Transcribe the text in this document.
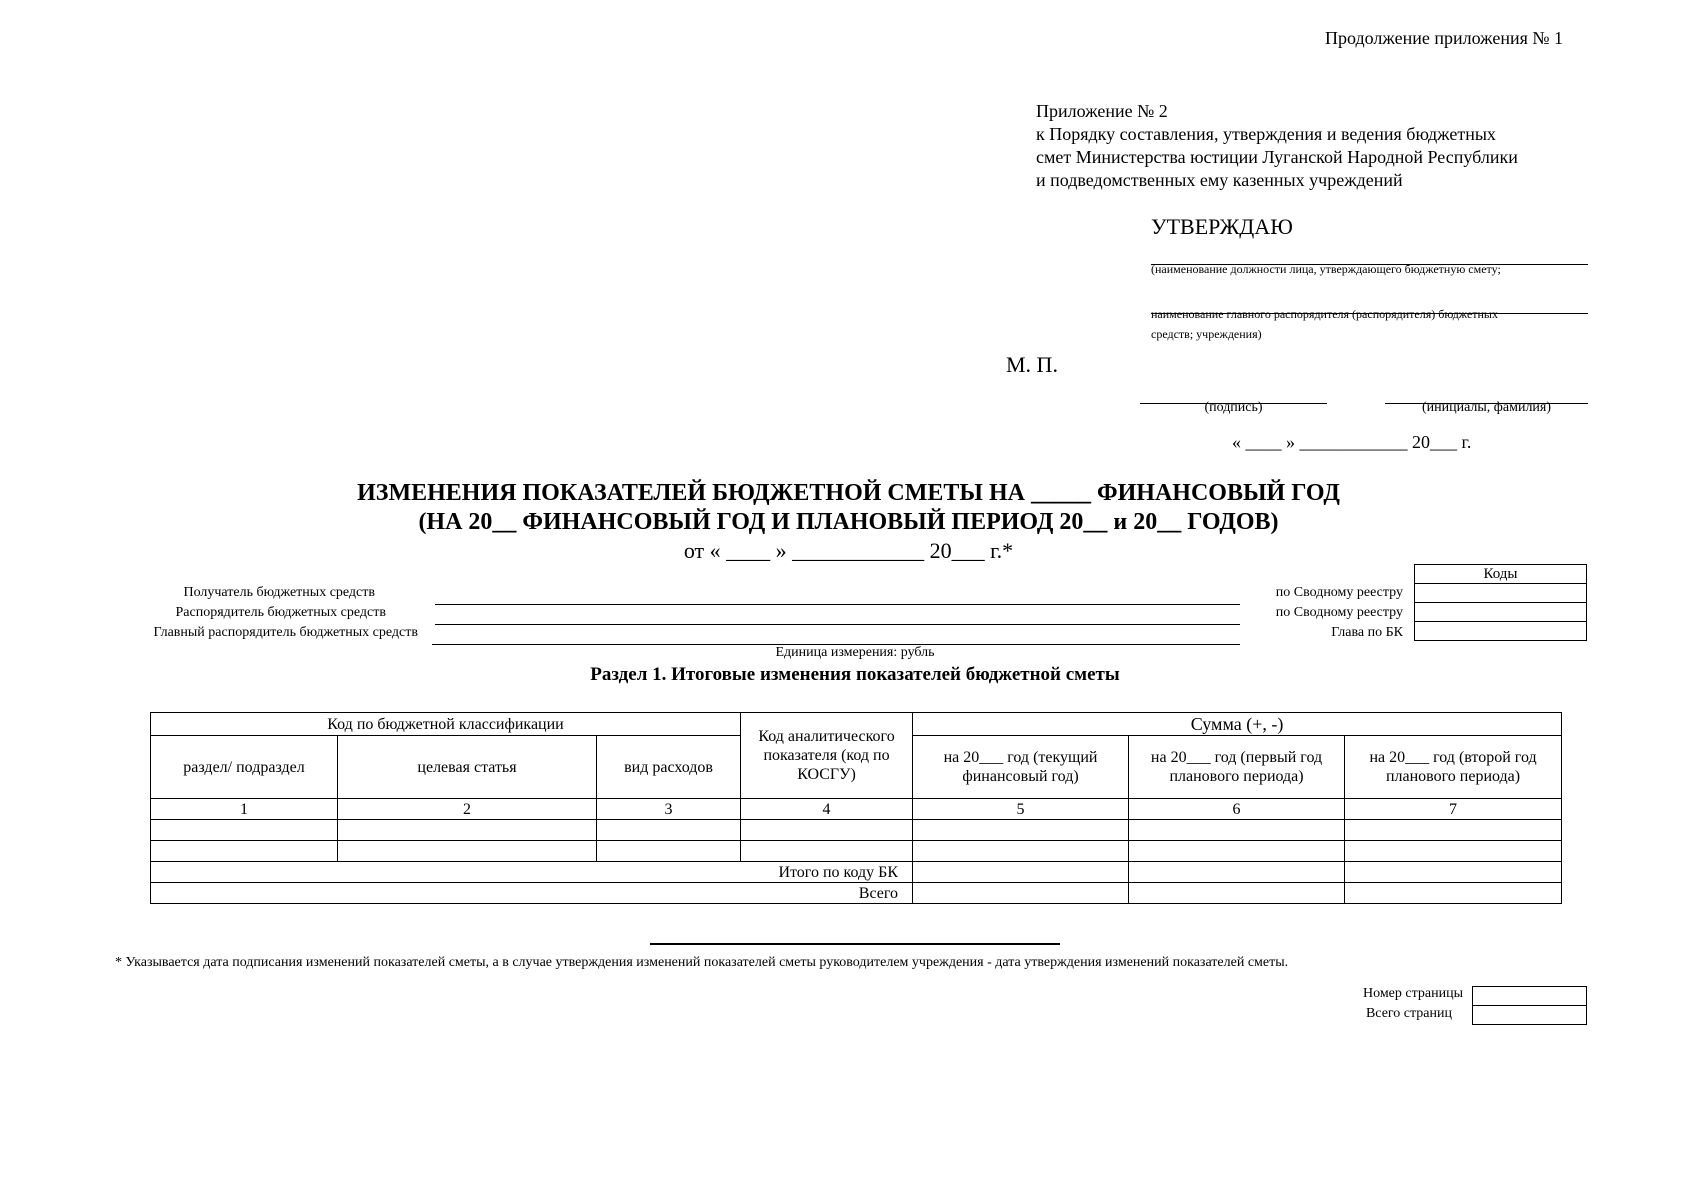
Продолжение приложения № 1
Приложение № 2
к Порядку составления, утверждения и ведения бюджетных
смет Министерства юстиции Луганской Народной Республики
и подведомственных ему казенных учреждений
УТВЕРЖДАЮ
(наименование должности лица, утверждающего бюджетную смету;
наименование главного распорядителя (распорядителя) бюджетных
средств; учреждения)
М. П.
(подпись)	(инициалы, фамилия)
« ____ » ____________ 20___ г.
ИЗМЕНЕНИЯ ПОКАЗАТЕЛЕЙ БЮДЖЕТНОЙ СМЕТЫ НА _____ ФИНАНСОВЫЙ ГОД
(НА 20__ ФИНАНСОВЫЙ ГОД И ПЛАНОВЫЙ ПЕРИОД 20__ и 20__ ГОДОВ)
от « ____ » ____________ 20___ г.*
Коды

Получатель бюджетных средств	по Сводному реестру
Распорядитель бюджетных средств	по Сводному реестру
Главный распорядитель бюджетных средств	Глава по БК
Единица измерения: рубль
Раздел 1. Итоговые изменения показателей бюджетной сметы
Код по бюджетной классификации			Код аналитического показателя (код по КОСГУ)	Сумма (+, -)		
раздел/ подраздел	целевая статья	вид расходов		на 20___ год (текущий финансовый год)	на 20___ год (первый год планового периода)	на 20___ год (второй год планового периода)
1	2	3	4	5	6	7

Итого по коду БК						
Всего						
* Указывается дата подписания изменений показателей сметы, а в случае утверждения изменений показателей сметы руководителем учреждения - дата утверждения изменений показателей сметы.
Номер страницы
Всего страниц
